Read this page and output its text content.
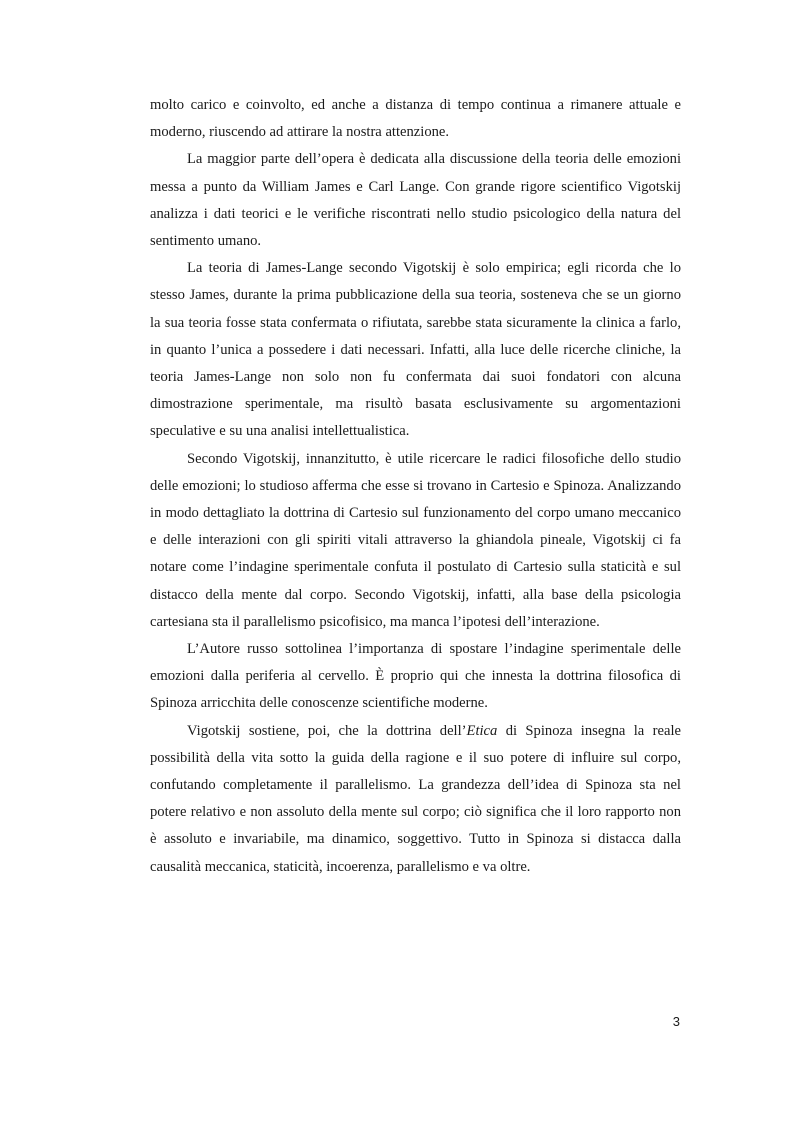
molto carico e coinvolto, ed anche a distanza di tempo continua a rimanere attuale e moderno, riuscendo ad attirare la nostra attenzione.

La maggior parte dell’opera è dedicata alla discussione della teoria delle emozioni messa a punto da William James e Carl Lange. Con grande rigore scientifico Vigotskij analizza i dati teorici e le verifiche riscontrati nello studio psicologico della natura del sentimento umano.

La teoria di James-Lange secondo Vigotskij è solo empirica; egli ricorda che lo stesso James, durante la prima pubblicazione della sua teoria, sosteneva che se un giorno la sua teoria fosse stata confermata o rifiutata, sarebbe stata sicuramente la clinica a farlo, in quanto l’unica a possedere i dati necessari. Infatti, alla luce delle ricerche cliniche, la teoria James-Lange non solo non fu confermata dai suoi fondatori con alcuna dimostrazione sperimentale, ma risultò basata esclusivamente su argomentazioni speculative e su una analisi intellettualistica.

Secondo Vigotskij, innanzitutto, è utile ricercare le radici filosofiche dello studio delle emozioni; lo studioso afferma che esse si trovano in Cartesio e Spinoza. Analizzando in modo dettagliato la dottrina di Cartesio sul funzionamento del corpo umano meccanico e delle interazioni con gli spiriti vitali attraverso la ghiandola pineale, Vigotskij ci fa notare come l’indagine sperimentale confuta il postulato di Cartesio sulla staticità e sul distacco della mente dal corpo. Secondo Vigotskij, infatti, alla base della psicologia cartesiana sta il parallelismo psicofisico, ma manca l’ipotesi dell’interazione.

L’Autore russo sottolinea l’importanza di spostare l’indagine sperimentale delle emozioni dalla periferia al cervello. È proprio qui che innesta la dottrina filosofica di Spinoza arricchita delle conoscenze scientifiche moderne.

Vigotskij sostiene, poi, che la dottrina dell’Etica di Spinoza insegna la reale possibilità della vita sotto la guida della ragione e il suo potere di influire sul corpo, confutando completamente il parallelismo. La grandezza dell’idea di Spinoza sta nel potere relativo e non assoluto della mente sul corpo; ciò significa che il loro rapporto non è assoluto e invariabile, ma dinamico, soggettivo. Tutto in Spinoza si distacca dalla causalità meccanica, staticità, incoerenza, parallelismo e va oltre.

3
